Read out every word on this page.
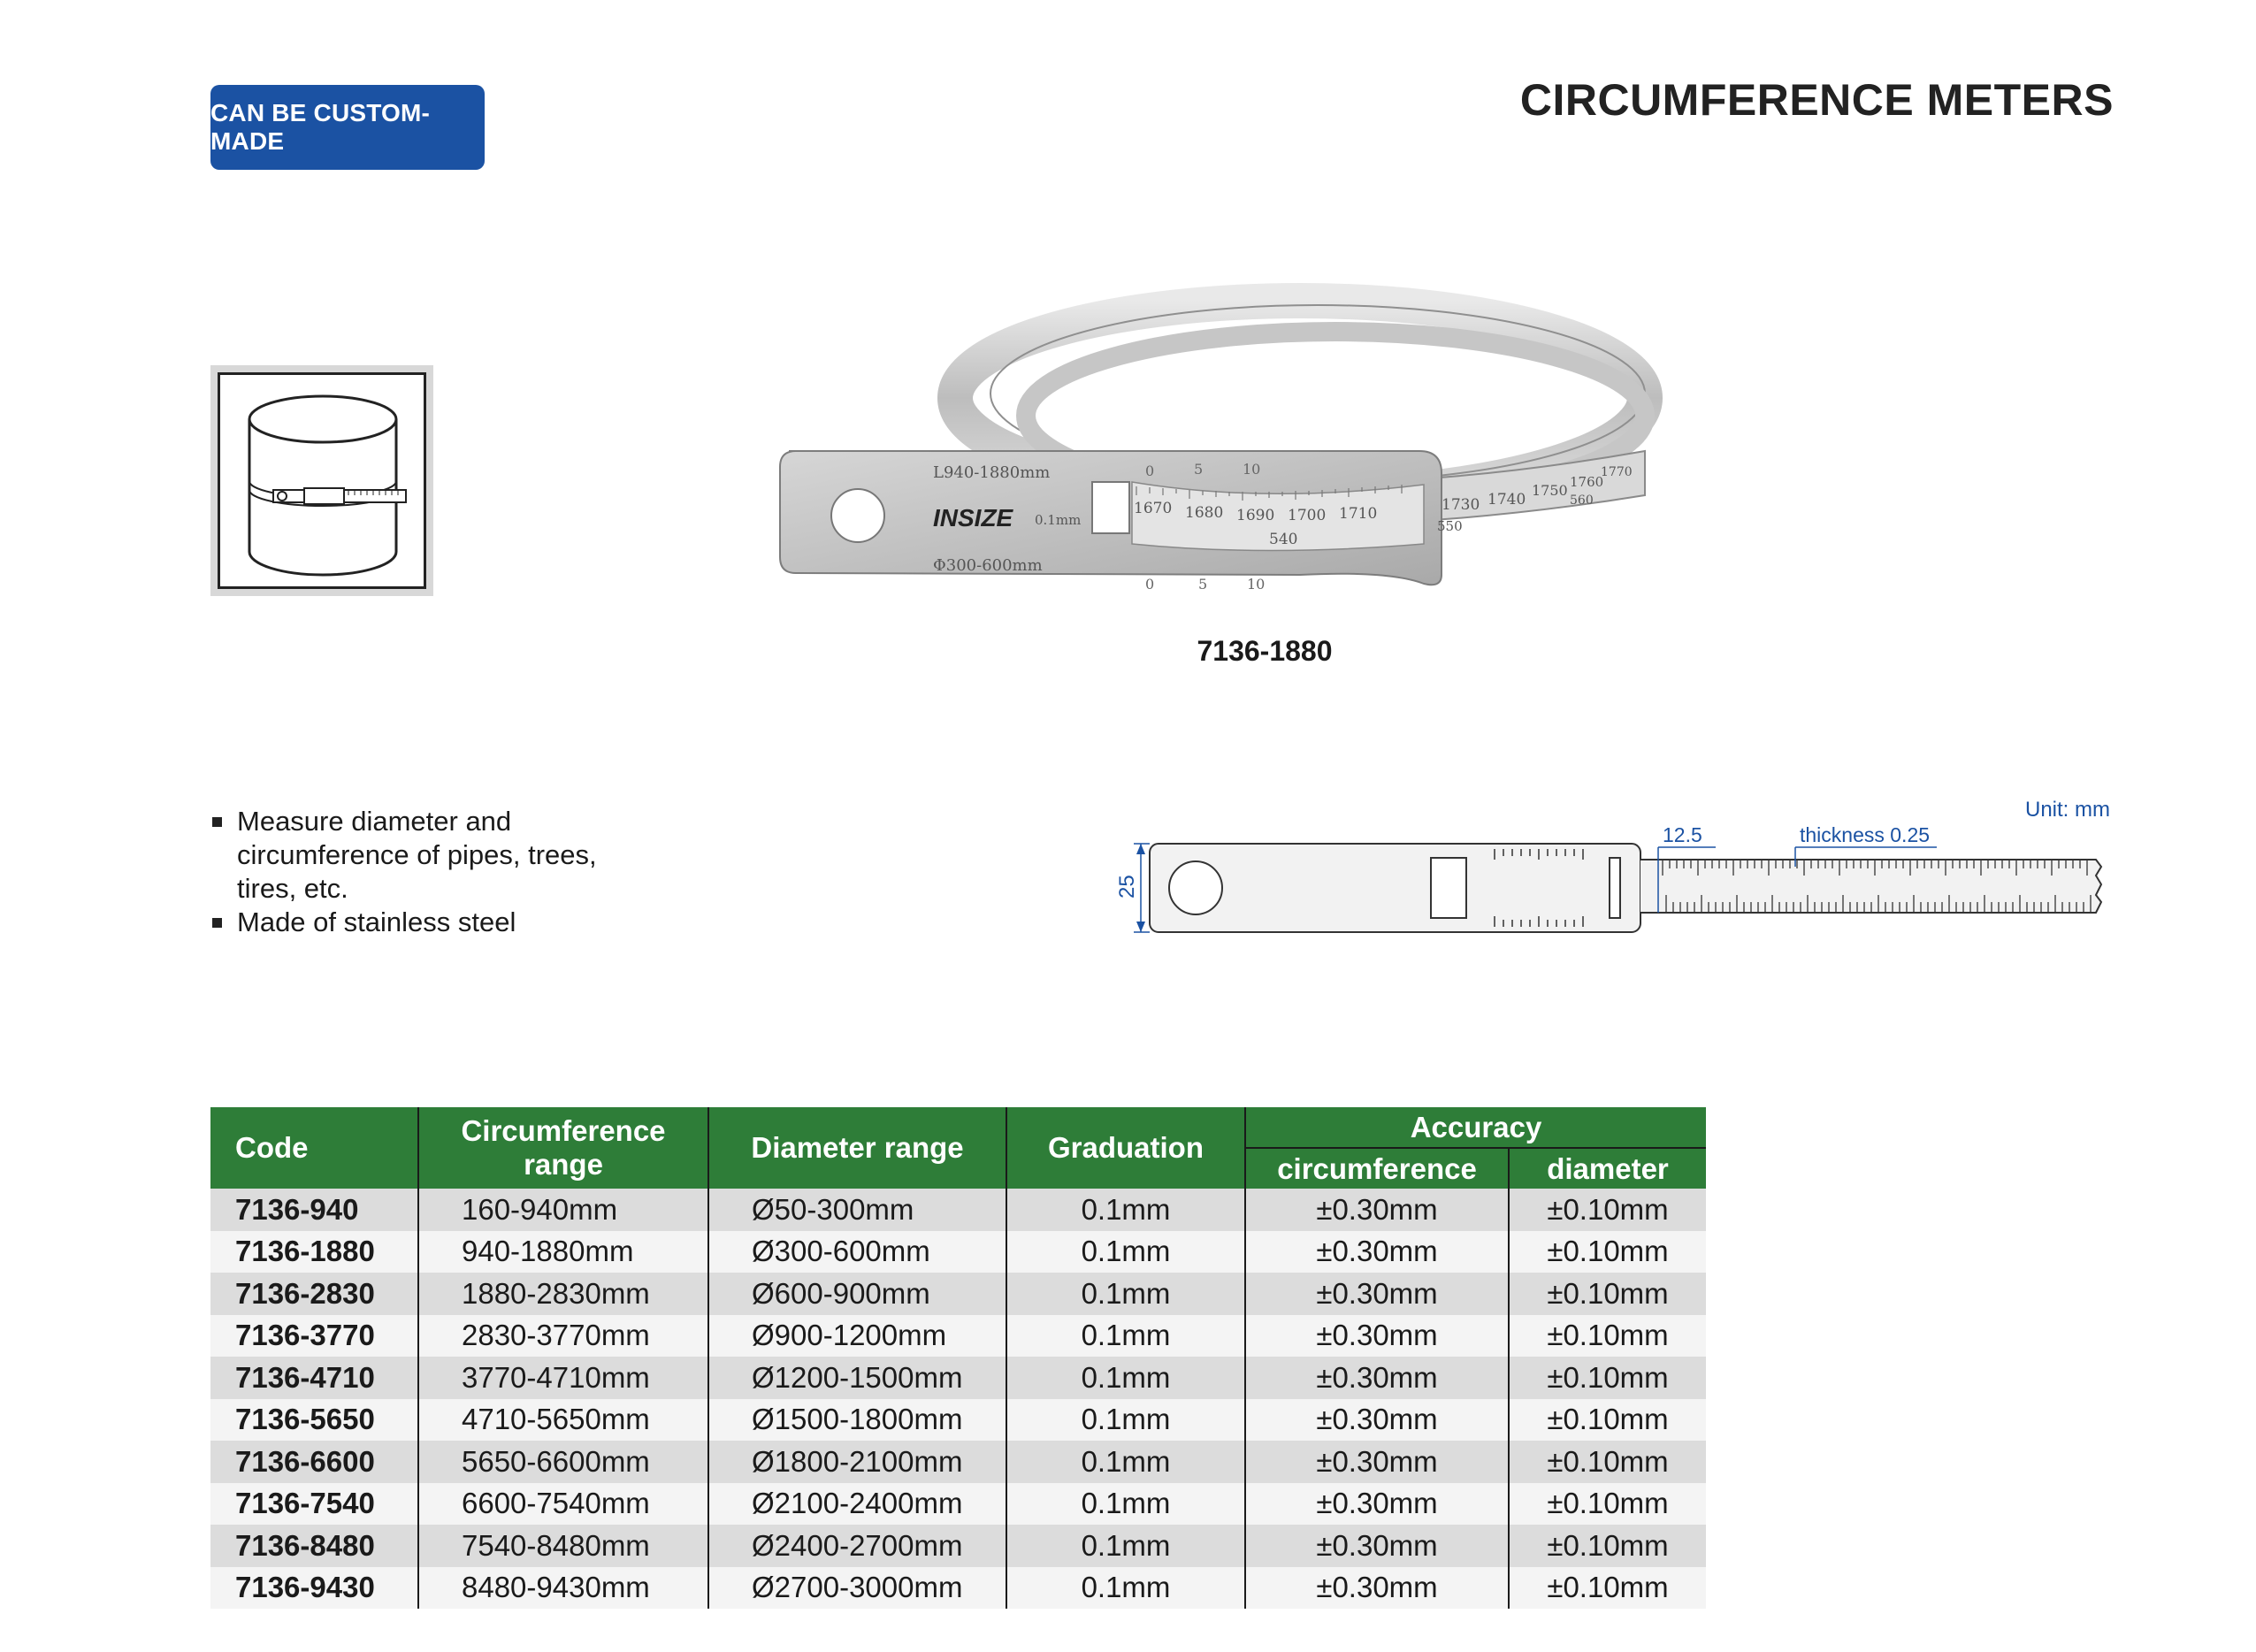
CAN BE CUSTOM-MADE
CIRCUMFERENCE METERS
L940-1880mm
INSIZE 0.1mm
Φ300-600mm
0	5	10
0	5	10
1670 1680 1690 1700 1710
540
1730 1740
1750 1760
1770
550
560
7136-1880
Measure diameter and circumference of pipes, trees, tires, etc.
Made of stainless steel
Unit: mm
25
12.5	thickness 0.25
Code	Circumference range	Diameter range	Graduation	Accuracy	
				circumference	diameter
7136-940	160-940mm	Ø50-300mm	0.1mm	±0.30mm	±0.10mm
7136-1880	940-1880mm	Ø300-600mm	0.1mm	±0.30mm	±0.10mm
7136-2830	1880-2830mm	Ø600-900mm	0.1mm	±0.30mm	±0.10mm
7136-3770	2830-3770mm	Ø900-1200mm	0.1mm	±0.30mm	±0.10mm
7136-4710	3770-4710mm	Ø1200-1500mm	0.1mm	±0.30mm	±0.10mm
7136-5650	4710-5650mm	Ø1500-1800mm	0.1mm	±0.30mm	±0.10mm
7136-6600	5650-6600mm	Ø1800-2100mm	0.1mm	±0.30mm	±0.10mm
7136-7540	6600-7540mm	Ø2100-2400mm	0.1mm	±0.30mm	±0.10mm
7136-8480	7540-8480mm	Ø2400-2700mm	0.1mm	±0.30mm	±0.10mm
7136-9430	8480-9430mm	Ø2700-3000mm	0.1mm	±0.30mm	±0.10mm
